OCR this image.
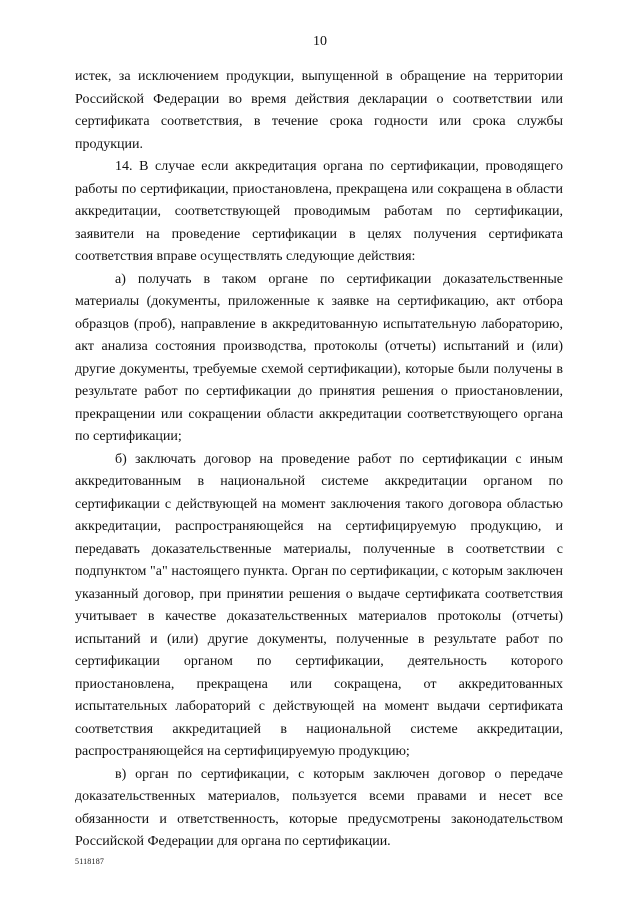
10

истек, за исключением продукции, выпущенной в обращение на территории Российской Федерации во время действия декларации о соответствии или сертификата соответствия, в течение срока годности или срока службы продукции.

14. В случае если аккредитация органа по сертификации, проводящего работы по сертификации, приостановлена, прекращена или сокращена в области аккредитации, соответствующей проводимым работам по сертификации, заявители на проведение сертификации в целях получения сертификата соответствия вправе осуществлять следующие действия:

а) получать в таком органе по сертификации доказательственные материалы (документы, приложенные к заявке на сертификацию, акт отбора образцов (проб), направление в аккредитованную испытательную лабораторию, акт анализа состояния производства, протоколы (отчеты) испытаний и (или) другие документы, требуемые схемой сертификации), которые были получены в результате работ по сертификации до принятия решения о приостановлении, прекращении или сокращении области аккредитации соответствующего органа по сертификации;

б) заключать договор на проведение работ по сертификации с иным аккредитованным в национальной системе аккредитации органом по сертификации с действующей на момент заключения такого договора областью аккредитации, распространяющейся на сертифицируемую продукцию, и передавать доказательственные материалы, полученные в соответствии с подпунктом "а" настоящего пункта. Орган по сертификации, с которым заключен указанный договор, при принятии решения о выдаче сертификата соответствия учитывает в качестве доказательственных материалов протоколы (отчеты) испытаний и (или) другие документы, полученные в результате работ по сертификации органом по сертификации, деятельность которого приостановлена, прекращена или сокращена, от аккредитованных испытательных лабораторий с действующей на момент выдачи сертификата соответствия аккредитацией в национальной системе аккредитации, распространяющейся на сертифицируемую продукцию;

в) орган по сертификации, с которым заключен договор о передаче доказательственных материалов, пользуется всеми правами и несет все обязанности и ответственность, которые предусмотрены законодательством Российской Федерации для органа по сертификации.

5118187
